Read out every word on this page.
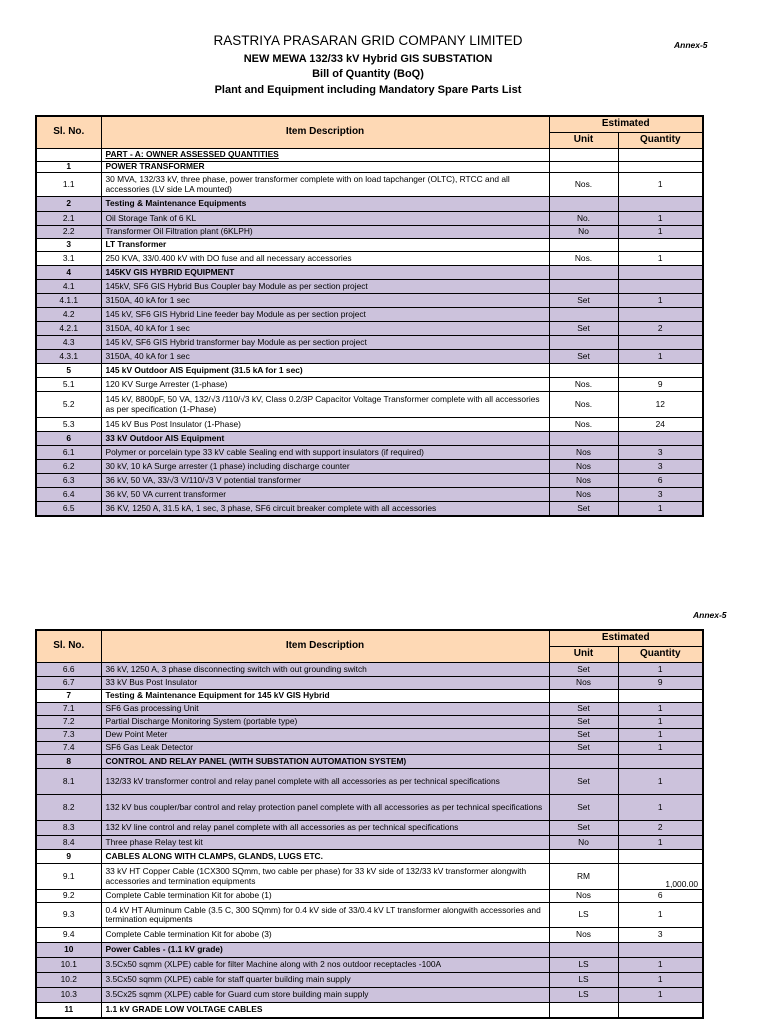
RASTRIYA PRASARAN GRID COMPANY LIMITED
NEW MEWA 132/33 kV Hybrid GIS SUBSTATION
Bill of Quantity (BoQ)
Plant and Equipment including Mandatory Spare Parts List
Annex-5
Sl. No.	Item Description	Estimated	
		Unit	Quantity
	PART - A: OWNER ASSESSED QUANTITIES		
1	POWER TRANSFORMER		
1.1	30 MVA, 132/33 kV, three phase, power transformer complete with on load tapchanger (OLTC), RTCC and all accessories (LV side LA mounted)	Nos.	1
2	Testing & Maintenance Equipments		
2.1	Oil Storage Tank of 6 KL	No.	1
2.2	Transformer Oil Filtration plant (6KLPH)	No	1
3	LT Transformer		
3.1	250 KVA, 33/0.400 kV with DO fuse and all necessary accessories	Nos.	1
4	145KV GIS HYBRID EQUIPMENT		
4.1	145kV, SF6 GIS Hybrid Bus Coupler bay Module as per section project		
4.1.1	3150A, 40 kA for 1 sec	Set	1
4.2	145 kV, SF6 GIS Hybrid Line feeder bay Module as per section project		
4.2.1	3150A, 40 kA for 1 sec	Set	2
4.3	145 kV, SF6 GIS Hybrid transformer bay Module as per section project		
4.3.1	3150A, 40 kA for 1 sec	Set	1
5	145 kV Outdoor AIS Equipment (31.5 kA for 1 sec)		
5.1	120 KV Surge Arrester (1-phase)	Nos.	9
5.2	145 kV, 8800pF, 50 VA, 132/√3 /110/√3 kV, Class 0.2/3P Capacitor Voltage Transformer complete with all accessories as per specification (1-Phase)	Nos.	12
5.3	145 kV Bus Post Insulator (1-Phase)	Nos.	24
6	33 kV Outdoor AIS Equipment		
6.1	Polymer or porcelain type 33 kV cable Sealing end with support insulators (if required)	Nos	3
6.2	30 kV, 10 kA Surge arrester (1 phase) including discharge counter	Nos	3
6.3	36 kV, 50 VA, 33/√3 V/110/√3 V potential transformer	Nos	6
6.4	36 kV, 50 VA current transformer	Nos	3
6.5	36 KV, 1250 A, 31.5 kA, 1 sec, 3 phase, SF6 circuit breaker complete with all accessories	Set	1
Annex-5
Sl. No.	Item Description	Estimated	
		Unit	Quantity
6.6	36 kV, 1250 A, 3 phase disconnecting switch with out grounding switch	Set	1
6.7	33 kV Bus Post Insulator	Nos	9
7	Testing & Maintenance Equipment for 145 kV GIS Hybrid		
7.1	SF6 Gas processing Unit	Set	1
7.2	Partial Discharge Monitoring System (portable type)	Set	1
7.3	Dew Point Meter	Set	1
7.4	SF6 Gas Leak Detector	Set	1
8	CONTROL AND RELAY PANEL (WITH SUBSTATION AUTOMATION SYSTEM)		
8.1	132/33 kV transformer control and relay panel complete with all accessories as per technical specifications	Set	1
8.2	132 kV bus coupler/bar control and relay protection panel complete with all accessories as per technical specifications	Set	1
8.3	132 kV line control and relay panel complete with all accessories as per technical specifications	Set	2
8.4	Three phase Relay test kit	No	1
9	CABLES ALONG WITH CLAMPS, GLANDS, LUGS ETC.		
9.1	33 kV HT Copper Cable (1CX300 SQmm, two cable per phase) for 33 kV side of 132/33 kV transformer alongwith accessories and termination equipments	RM	1,000.00
9.2	Complete Cable termination Kit for abobe (1)	Nos	6
9.3	0.4 kV HT Aluminum Cable (3.5 C, 300 SQmm) for 0.4 kV side of 33/0.4 kV LT transformer alongwith accessories and termination equipments	LS	1
9.4	Complete Cable termination Kit for abobe (3)	Nos	3
10	Power Cables - (1.1 kV grade)		
10.1	3.5Cx50 sqmm (XLPE) cable for filter Machine along with 2 nos outdoor receptacles -100A	LS	1
10.2	3.5Cx50 sqmm (XLPE) cable for staff quarter building main supply	LS	1
10.3	3.5Cx25 sqmm (XLPE) cable for Guard cum store building main supply	LS	1
11	1.1 kV GRADE LOW VOLTAGE CABLES		
